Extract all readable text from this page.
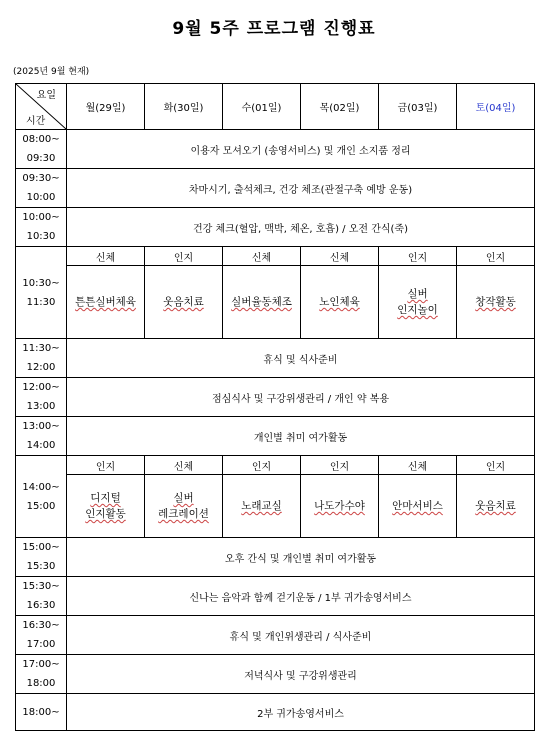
9월 5주 프로그램 진행표
(2025년 9월 현재)
요일
시간	월(29일)	화(30일)	수(01일)	목(02일)	금(03일)	토(04일)

08:00~
09:30	이용자 모셔오기 (송영서비스) 및 개인 소지품 정리					

09:30~
10:00	차마시기, 출석체크, 건강 체조(관절구축 예방 운동)					

10:00~
10:30	건강 체크(혈압, 맥박, 체온, 호흡) / 오전 간식(죽)					

10:30~
11:30	신체	인지	신체	신체	인지	인지
	튼튼실버체육	웃음치료	실버율동체조	노인체육	실버
인지놀이	창작활동

11:30~
12:00	휴식 및 식사준비					

12:00~
13:00	점심식사 및 구강위생관리 / 개인 약 복용					

13:00~
14:00	개인별 취미 여가활동					

14:00~
15:00	인지	신체	인지	인지	신체	인지
	디지털
인지활동	실버
레크레이션	노래교실	나도가수야	안마서비스	웃음치료

15:00~
15:30	오후 간식 및 개인별 취미 여가활동					

15:30~
16:30	신나는 음악과 함께 걷기운동 / 1부 귀가송영서비스					

16:30~
17:00	휴식 및 개인위생관리 / 식사준비					

17:00~
18:00	저녁식사 및 구강위생관리					

18:00~	2부 귀가송영서비스					
